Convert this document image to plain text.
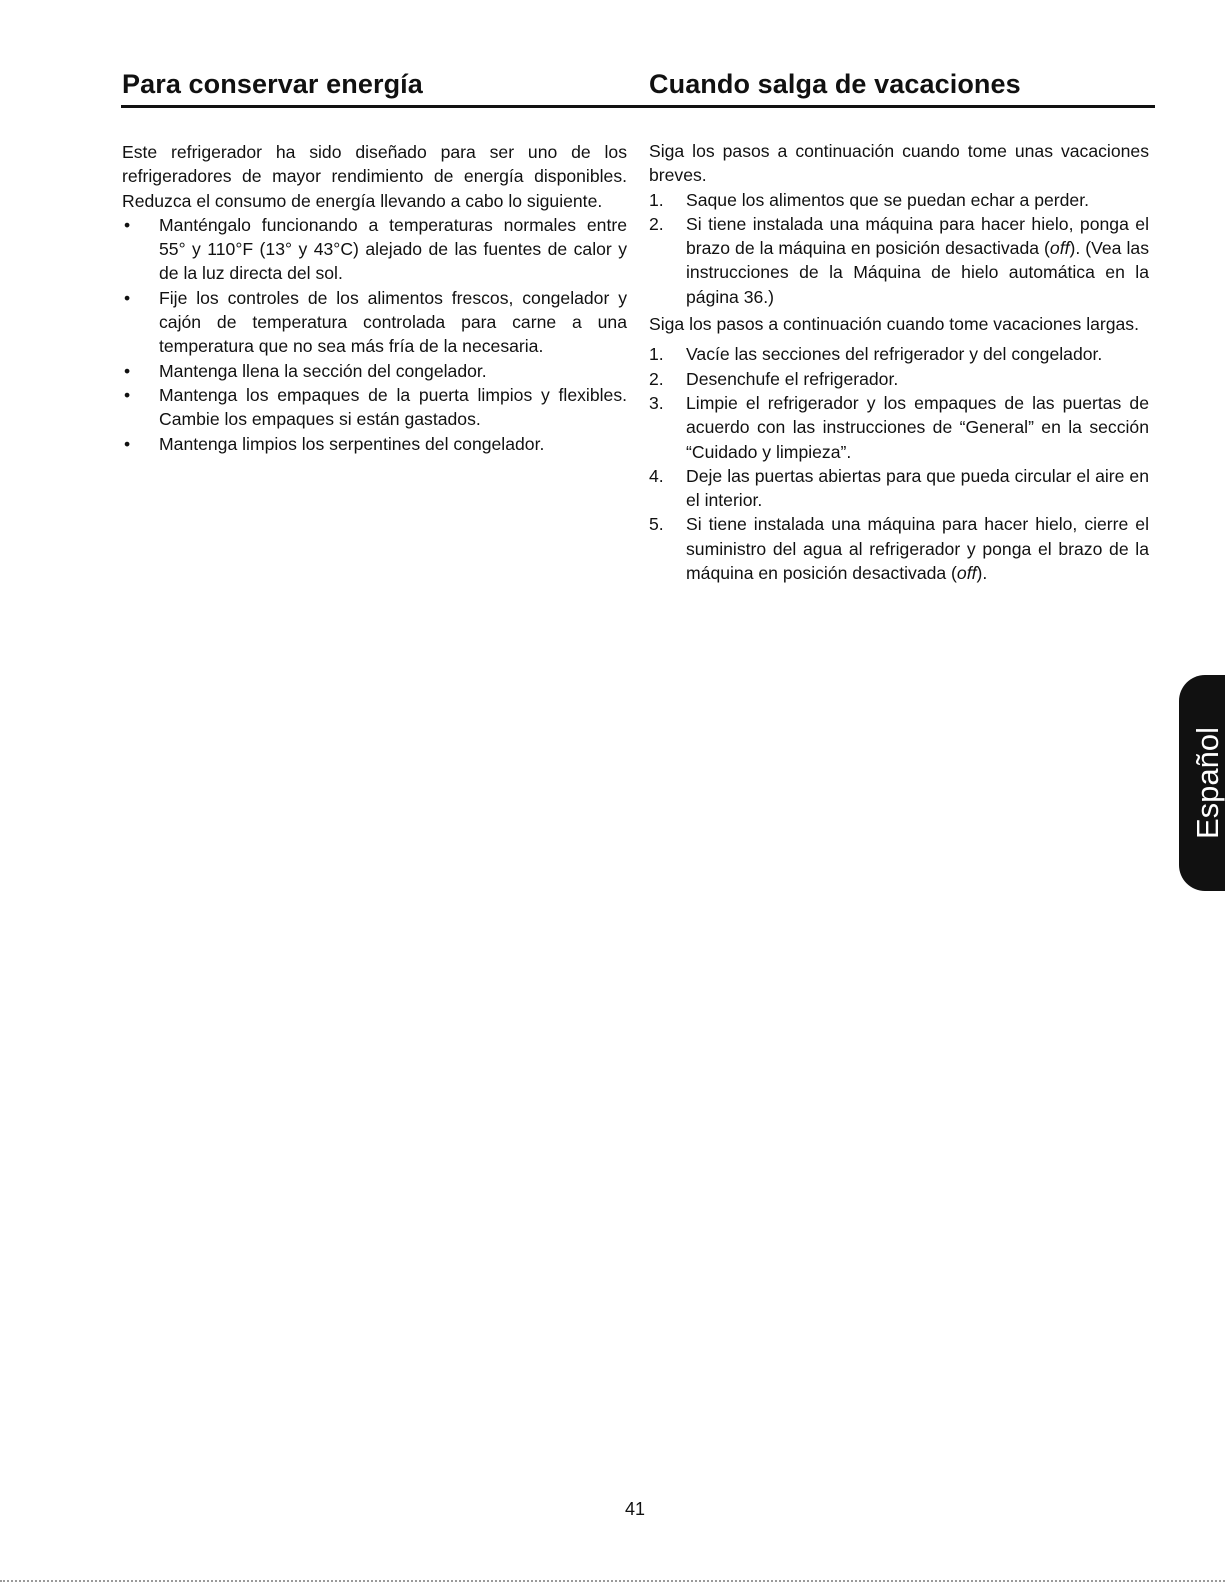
Para conservar energía

Este refrigerador ha sido diseñado para ser uno de los refrigeradores de mayor rendimiento de energía disponibles. Reduzca el consumo de energía llevando a cabo lo siguiente.

• Manténgalo funcionando a temperaturas normales entre 55° y 110°F (13° y 43°C) alejado de las fuentes de calor y de la luz directa del sol.
• Fije los controles de los alimentos frescos, congelador y cajón de temperatura controlada para carne a una temperatura que no sea más fría de la necesaria.
• Mantenga llena la sección del congelador.
• Mantenga los empaques de la puerta limpios y flexibles. Cambie los empaques si están gastados.
• Mantenga limpios los serpentines del congelador.
Cuando salga de vacaciones

Siga los pasos a continuación cuando tome unas vacaciones breves.

1. Saque los alimentos que se puedan echar a perder.
2. Si tiene instalada una máquina para hacer hielo, ponga el brazo de la máquina en posición desactivada (off). (Vea las instrucciones de la Máquina de hielo automática en la página 36.)

Siga los pasos a continuación cuando tome vacaciones largas.

1. Vacíe las secciones del refrigerador y del congelador.
2. Desenchufe el refrigerador.
3. Limpie el refrigerador y los empaques de las puertas de acuerdo con las instrucciones de “General” en la sección “Cuidado y limpieza”.
4. Deje las puertas abiertas para que pueda circular el aire en el interior.
5. Si tiene instalada una máquina para hacer hielo, cierre el suministro del agua al refrigerador y ponga el brazo de la máquina en posición desactivada (off).
Español
41
